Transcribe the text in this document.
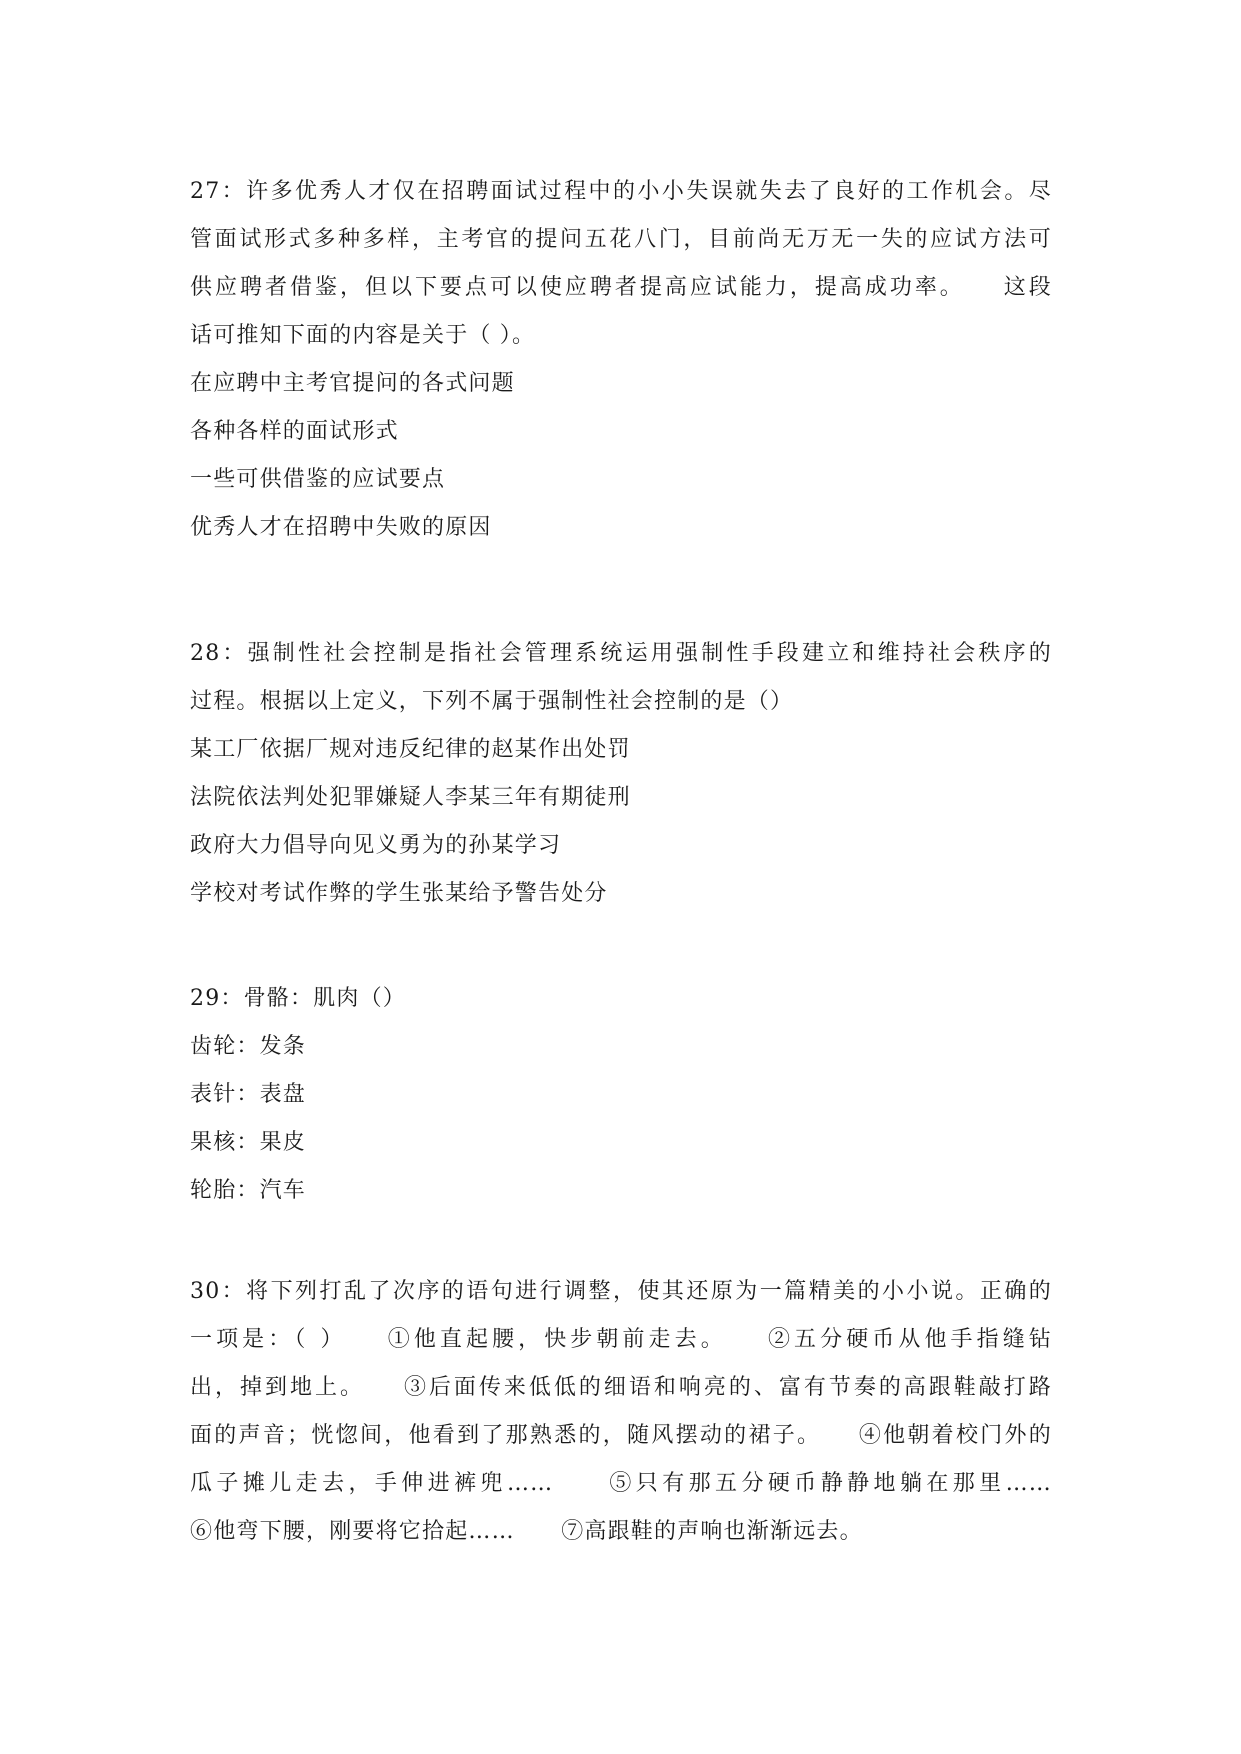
27：许多优秀人才仅在招聘面试过程中的小小失误就失去了良好的工作机会。尽
管面试形式多种多样，主考官的提问五花八门，目前尚无万无一失的应试方法可
供应聘者借鉴，但以下要点可以使应聘者提高应试能力，提高成功率。　　这段
话可推知下面的内容是关于（ ）。

在应聘中主考官提问的各式问题

各种各样的面试形式

一些可供借鉴的应试要点

优秀人才在招聘中失败的原因

28：强制性社会控制是指社会管理系统运用强制性手段建立和维持社会秩序的
过程。根据以上定义，下列不属于强制性社会控制的是（）

某工厂依据厂规对违反纪律的赵某作出处罚

法院依法判处犯罪嫌疑人李某三年有期徒刑

政府大力倡导向见义勇为的孙某学习

学校对考试作弊的学生张某给予警告处分

29：骨骼：肌肉（）

齿轮：发条

表针：表盘

果核：果皮

轮胎：汽车

30：将下列打乱了次序的语句进行调整，使其还原为一篇精美的小小说。正确的
一项是：（ ）　　①他直起腰，快步朝前走去。　　②五分硬币从他手指缝钻
出，掉到地上。　　③后面传来低低的细语和响亮的、富有节奏的高跟鞋敲打路
面的声音；恍惚间，他看到了那熟悉的，随风摆动的裙子。　　④他朝着校门外的
瓜子摊儿走去，手伸进裤兜……　　⑤只有那五分硬币静静地躺在那里……
⑥他弯下腰，刚要将它拾起……　　⑦高跟鞋的声响也渐渐远去。
